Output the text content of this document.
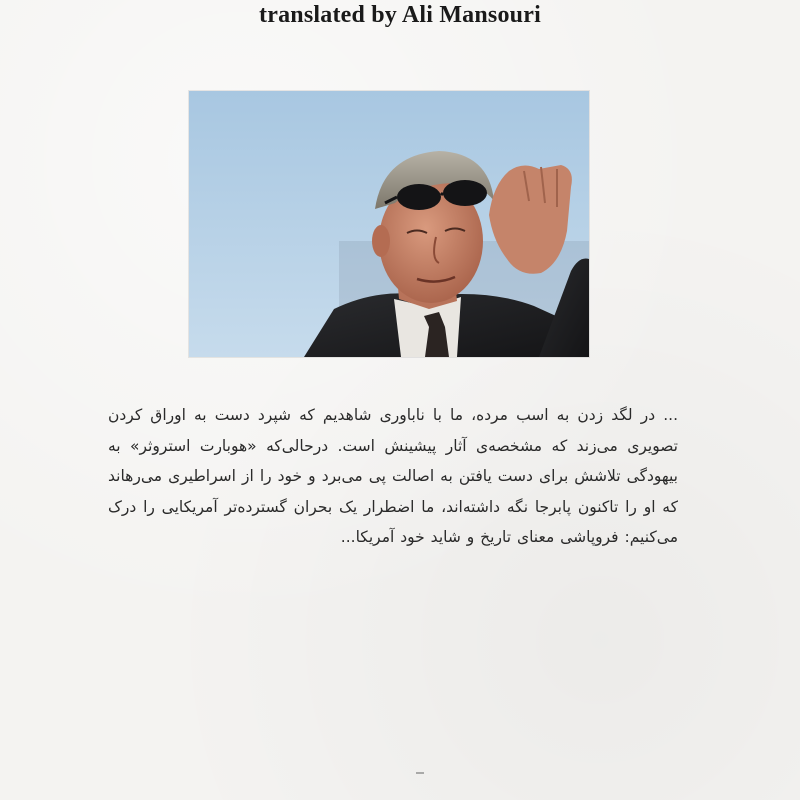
translated by Ali Mansouri
... در لگد زدن به اسب مرده، ما با ناباوری شاهدیم که شپرد دست به اوراق کردن تصویری می‌زند که مشخصه‌ی آثار پیشینش است. درحالی‌که «هوبارت استروثر» به بیهودگی تلاشش برای دست یافتن به اصالت پی می‌برد و خود را از اسراطیری می‌رهاند که او را تاکنون پابرجا نگه داشته‌اند، ما اضطرار یک بحران گسترده‌تر آمریکایی را درک می‌کنیم: فروپاشی معنای تاریخ و شاید خود آمریکا...
